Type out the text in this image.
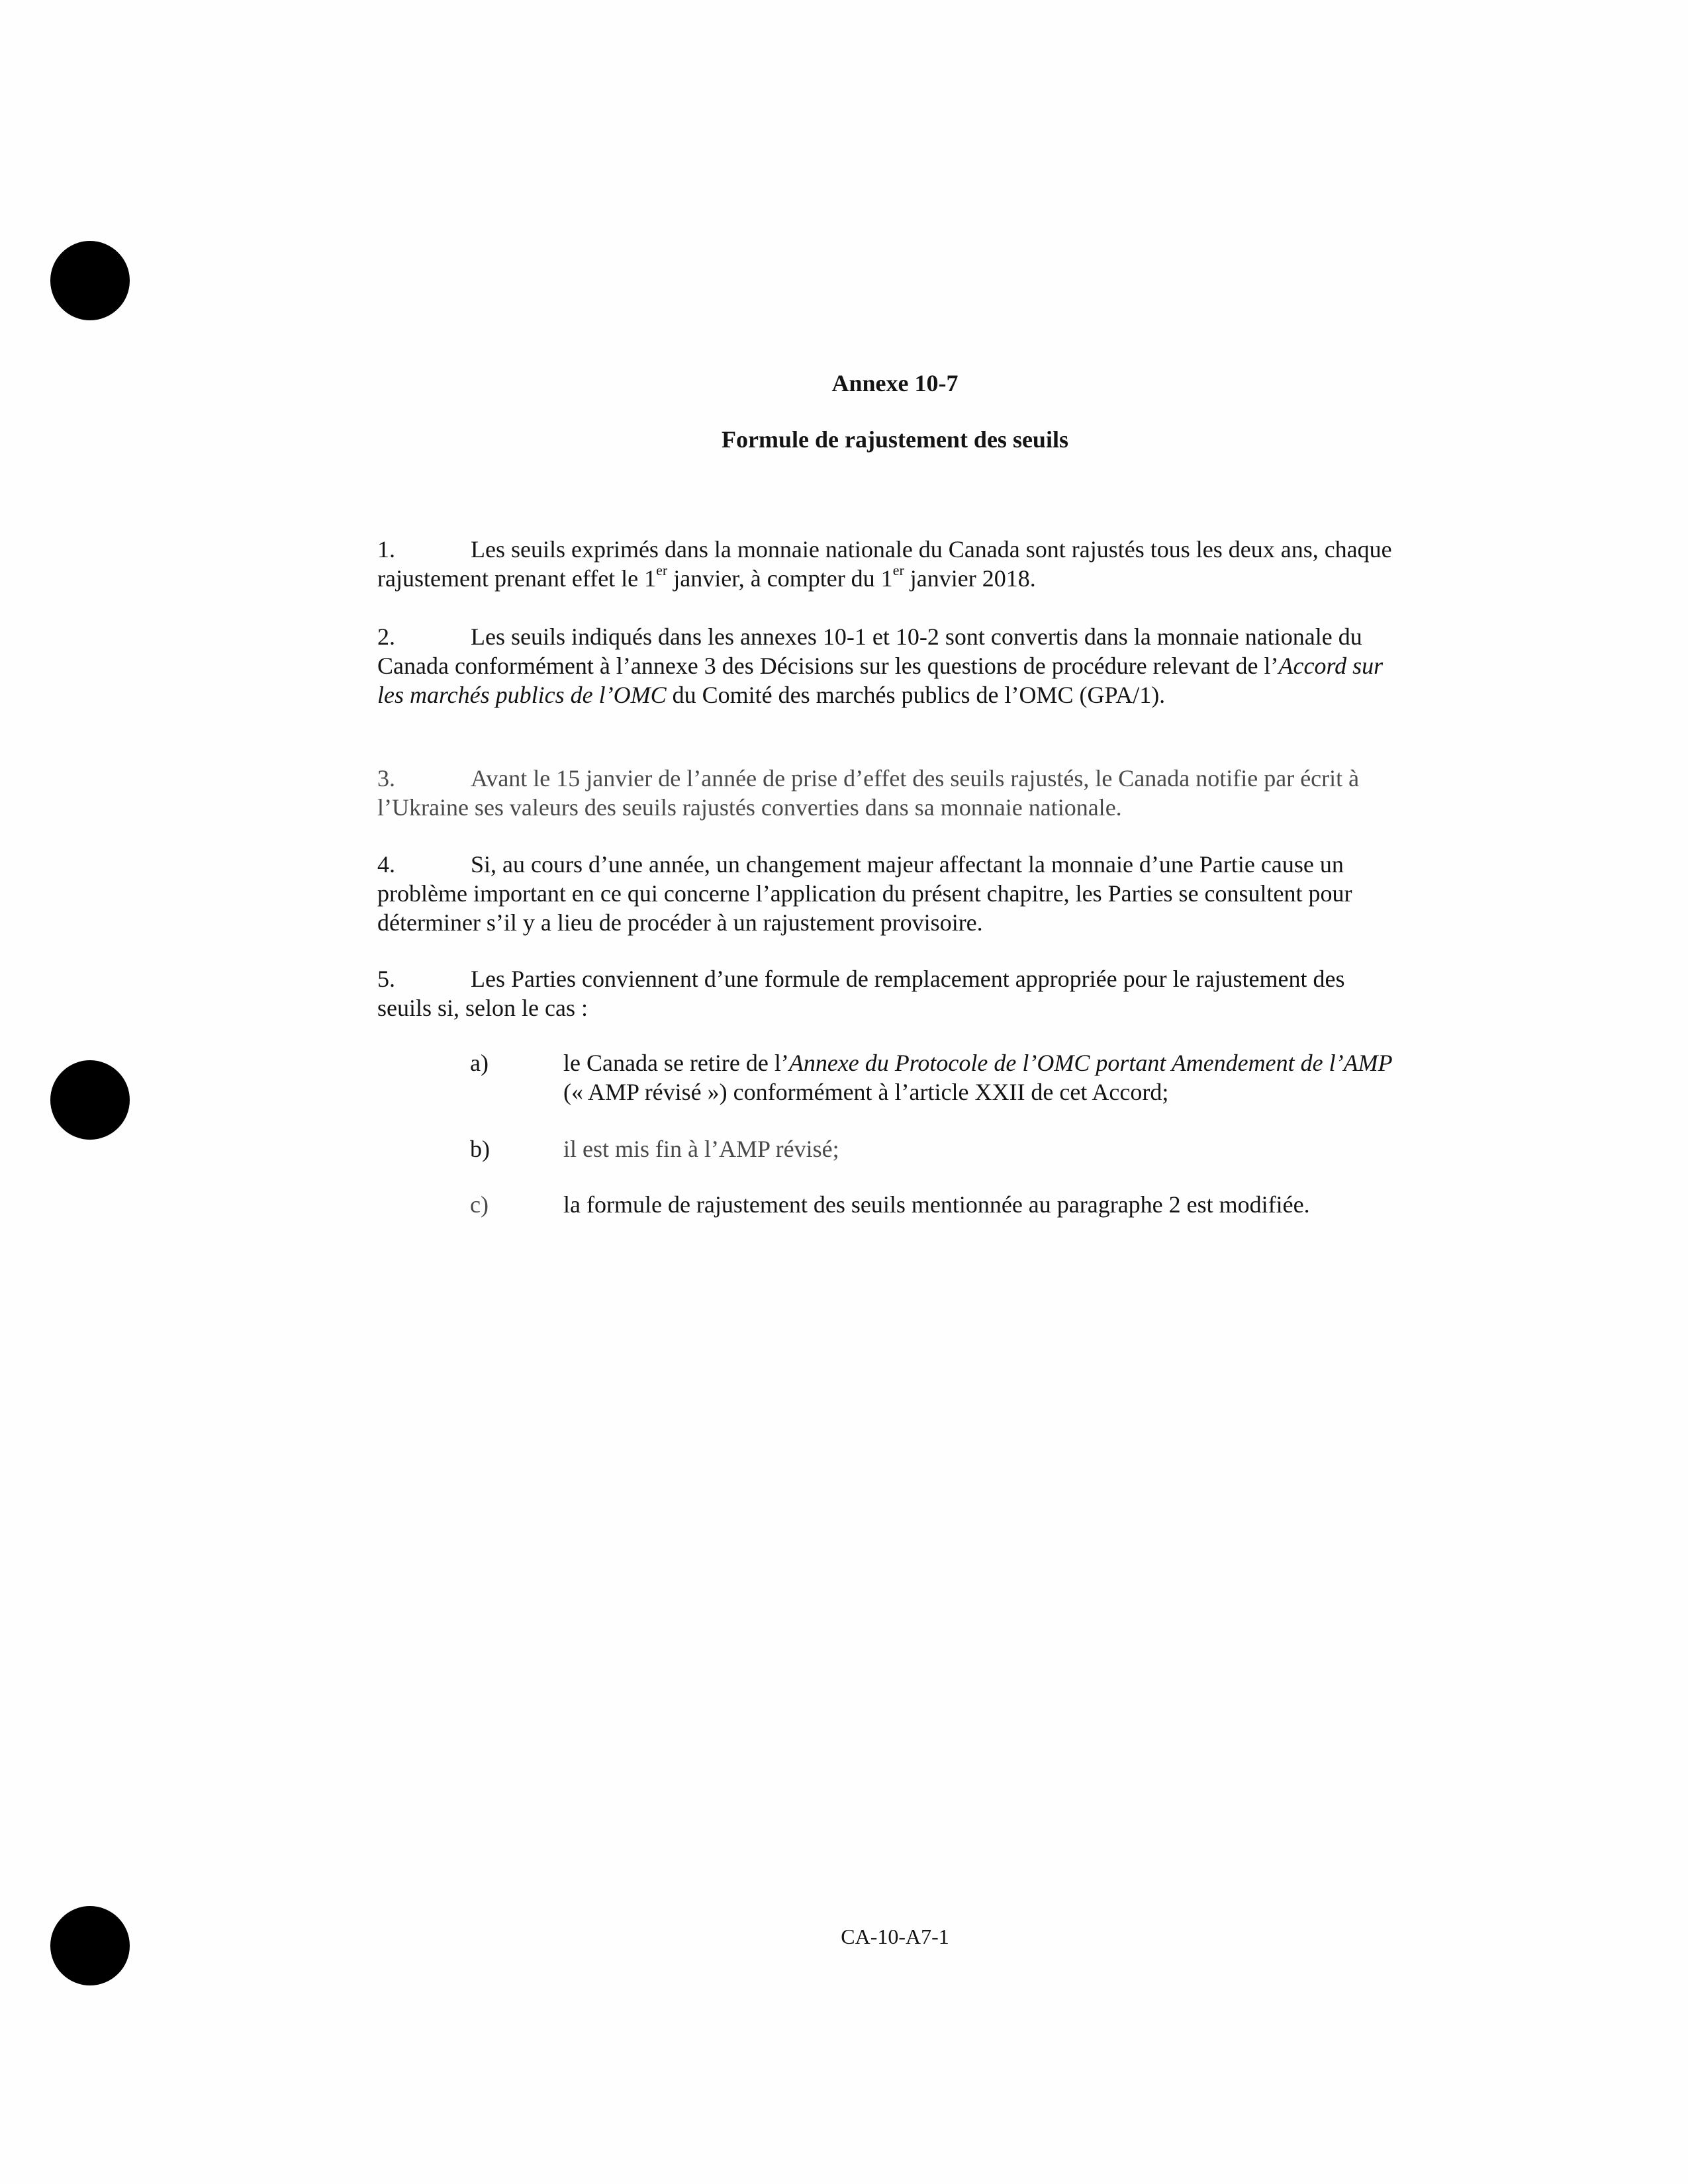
Annexe 10-7
Formule de rajustement des seuils
1.	Les seuils exprimés dans la monnaie nationale du Canada sont rajustés tous les deux ans, chaque rajustement prenant effet le 1er janvier, à compter du 1er janvier 2018.
2.	Les seuils indiqués dans les annexes 10-1 et 10-2 sont convertis dans la monnaie nationale du Canada conformément à l’annexe 3 des Décisions sur les questions de procédure relevant de l’Accord sur les marchés publics de l’OMC du Comité des marchés publics de l’OMC (GPA/1).
3.	Avant le 15 janvier de l’année de prise d’effet des seuils rajustés, le Canada notifie par écrit à l’Ukraine ses valeurs des seuils rajustés converties dans sa monnaie nationale.
4.	Si, au cours d’une année, un changement majeur affectant la monnaie d’une Partie cause un problème important en ce qui concerne l’application du présent chapitre, les Parties se consultent pour déterminer s’il y a lieu de procéder à un rajustement provisoire.
5.	Les Parties conviennent d’une formule de remplacement appropriée pour le rajustement des seuils si, selon le cas :
a)	le Canada se retire de l’Annexe du Protocole de l’OMC portant Amendement de l’AMP (« AMP révisé ») conformément à l’article XXII de cet Accord;
b)	il est mis fin à l’AMP révisé;
c)	la formule de rajustement des seuils mentionnée au paragraphe 2 est modifiée.
CA-10-A7-1
